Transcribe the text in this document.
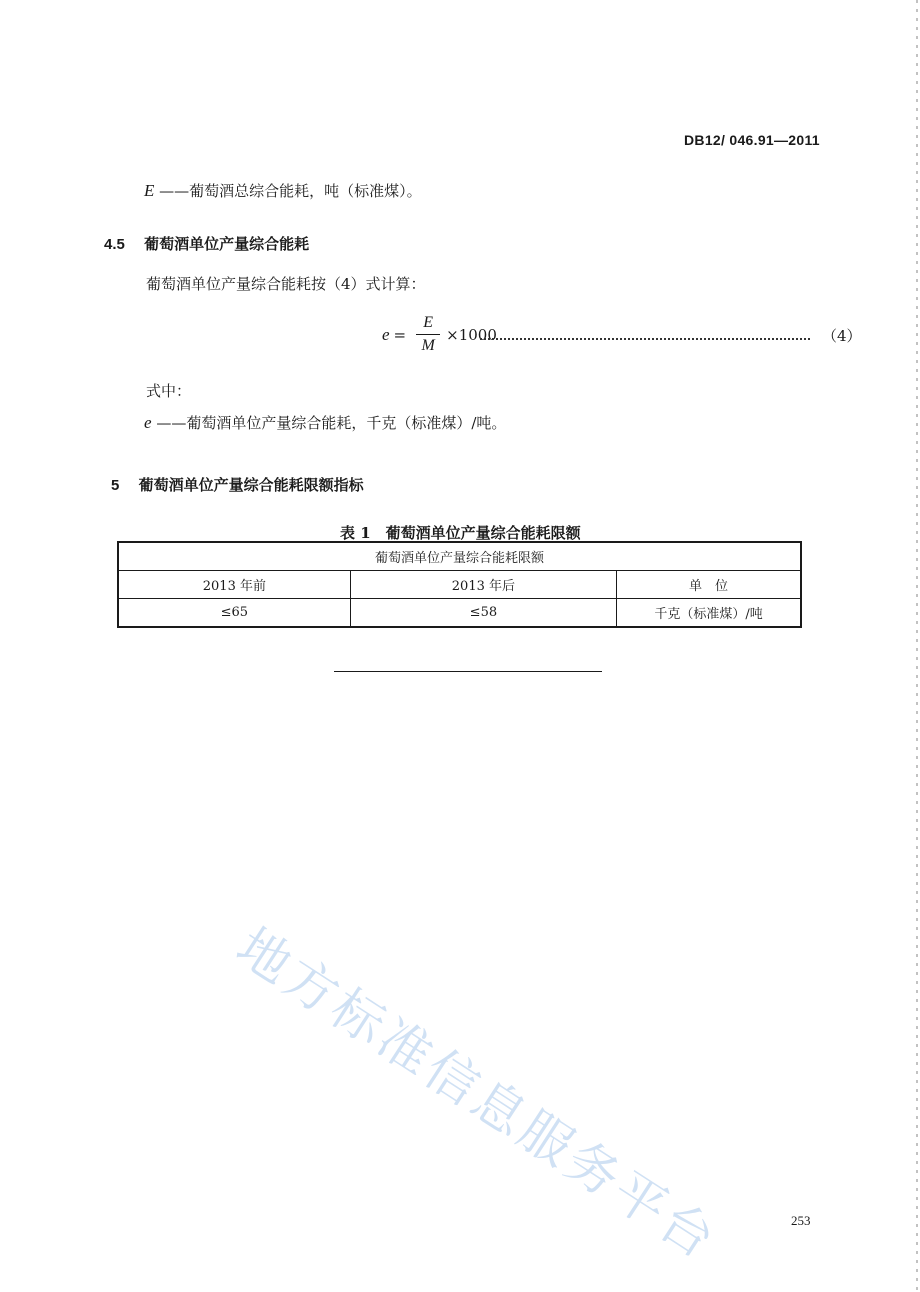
DB12/ 046.91—2011
E ——葡萄酒总综合能耗，吨（标准煤）。
4.5 葡萄酒单位产量综合能耗
葡萄酒单位产量综合能耗按（4）式计算：
$e = \frac{E}{M} \times 1000$	（4）
式中：
e ——葡萄酒单位产量综合能耗，千克（标准煤）/吨。
5 葡萄酒单位产量综合能耗限额指标
表 1　葡萄酒单位产量综合能耗限额
葡萄酒单位产量综合能耗限额		
2013 年前	2013 年后	单　位
≤65	≤58	千克（标准煤）/吨
地方标准信息服务平台	253
